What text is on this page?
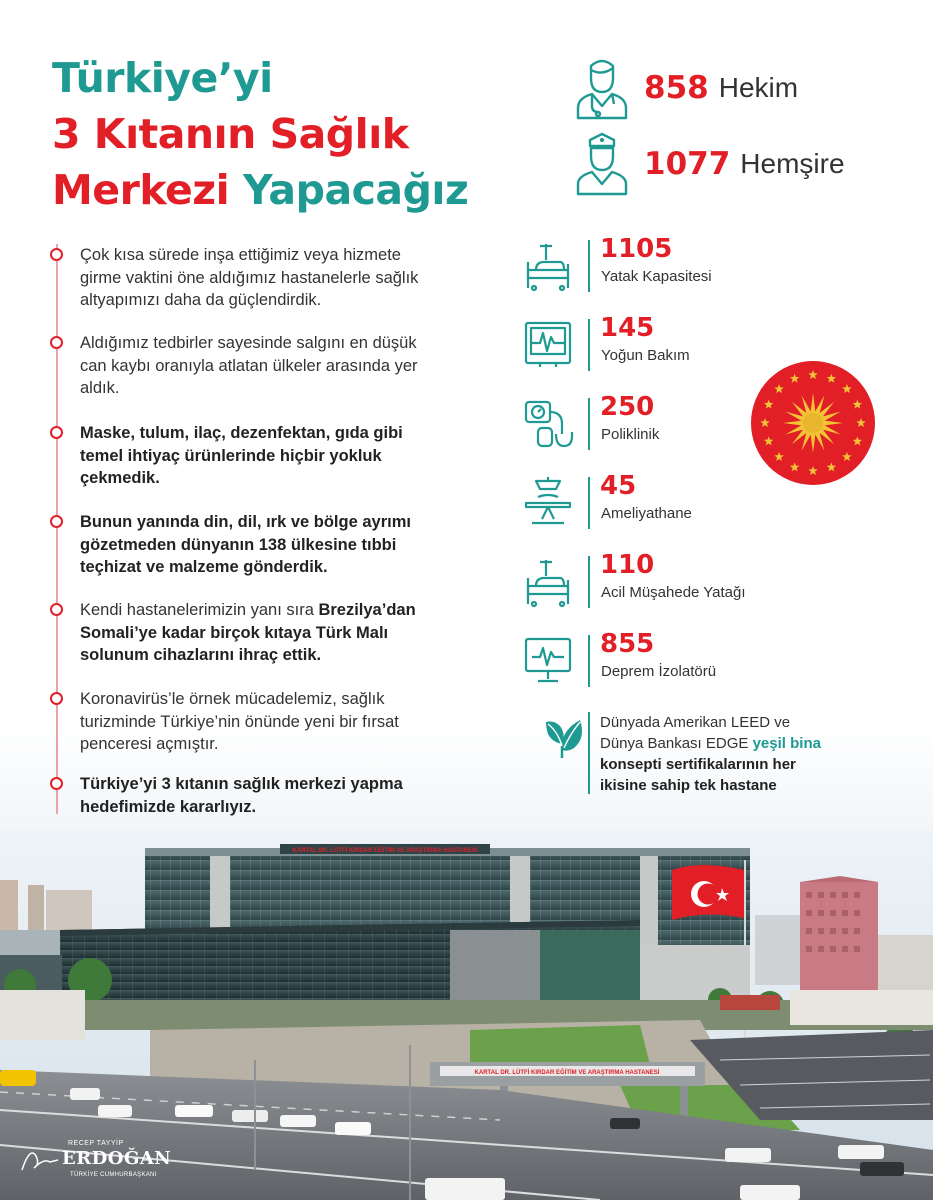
Türkiye’yi
3 Kıtanın Sağlık
Merkezi Yapacağız
858 Hekim
1077 Hemşire
Çok kısa sürede inşa ettiğimiz veya hizmete girme vaktini öne aldığımız hastanelerle sağlık altyapımızı daha da güçlendirdik.
Aldığımız tedbirler sayesinde salgını en düşük can kaybı oranıyla atlatan ülkeler arasında yer aldık.
Maske, tulum, ilaç, dezenfektan, gıda gibi temel ihtiyaç ürünlerinde hiçbir yokluk çekmedik.
Bunun yanında din, dil, ırk ve bölge ayrımı gözetmeden dünyanın 138 ülkesine tıbbi teçhizat ve malzeme gönderdik.
Kendi hastanelerimizin yanı sıra Brezilya’dan Somali’ye kadar birçok kıtaya Türk Malı solunum cihazlarını ihraç ettik.
Koronavirüs’le örnek mücadelemiz, sağlık turizminde Türkiye’nin önünde yeni bir fırsat penceresi açmıştır.
Türkiye’yi 3 kıtanın sağlık merkezi yapma hedefimizde kararlıyız.
1105
Yatak Kapasitesi
145
Yoğun Bakım
250
Poliklinik
45
Ameliyathane
110
Acil Müşahede Yatağı
855
Deprem İzolatörü
Dünyada Amerikan LEED ve
Dünya Bankası EDGE yeşil bina
konsepti sertifikalarının her
ikisine sahip tek hastane
KARTAL DR. LÜTFİ KIRDAR EĞİTİM VE ARAŞTIRMA HASTANESİ
KARTAL DR. LÜTFİ KIRDAR EĞİTİM VE ARAŞTIRMA HASTANESİ
RECEP TAYYİP
ERDOĞAN
TÜRKİYE CUMHURBAŞKANI
